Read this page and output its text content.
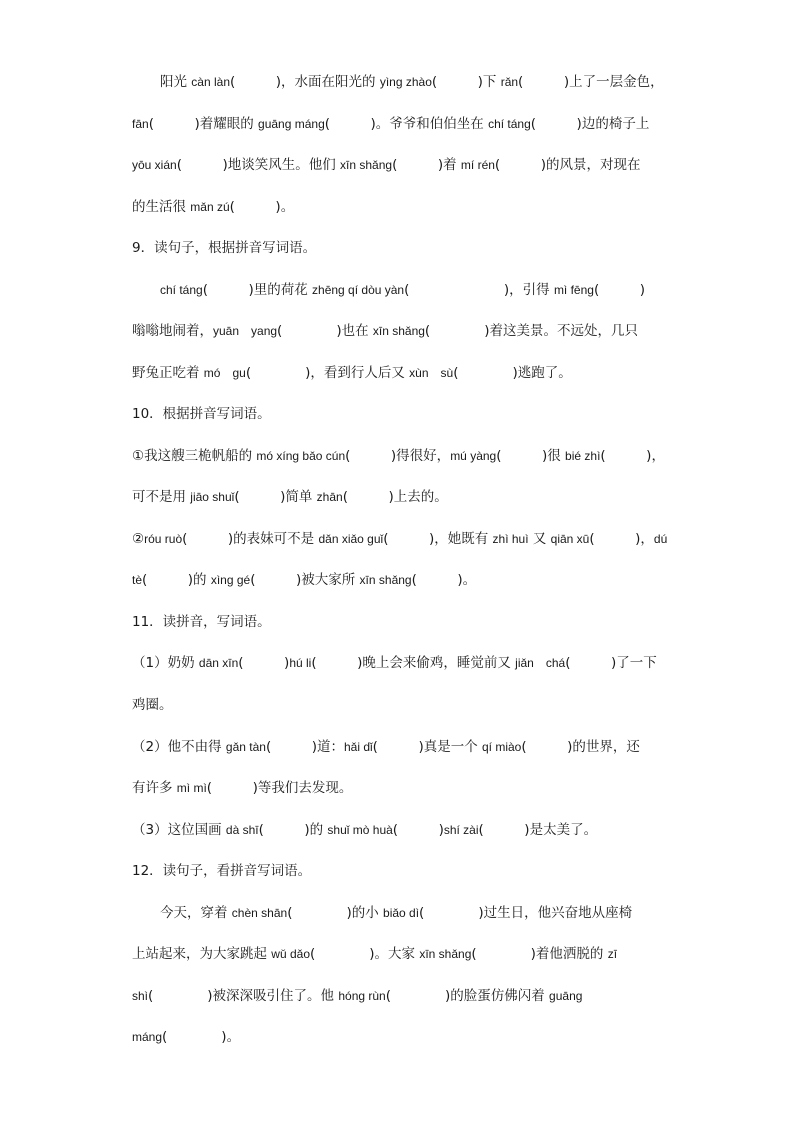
阳光 càn làn(　　　)，水面在阳光的 yìng zhào(　　　)下 rǎn(　　　)上了一层金色，
fān(　　　)着耀眼的 guāng máng(　　　)。爷爷和伯伯坐在 chí táng(　　　)边的椅子上
yōu xián(　　　)地谈笑风生。他们 xīn shǎng(　　　)着 mí rén(　　　)的风景，对现在
的生活很 mǎn zú(　　　)。
9．读句子，根据拼音写词语。
chí táng(　　　)里的荷花 zhēng qí dòu yàn(　　　　　　　)，引得 mì fēng(　　　)
嗡嗡地闹着，yuān　yang(　　　　)也在 xīn shǎng(　　　　)着这美景。不远处，几只
野兔正吃着 mó　gu(　　　　)，看到行人后又 xùn　sù(　　　　)逃跑了。
10．根据拼音写词语。
①我这艘三桅帆船的 mó xíng bǎo cún(　　　)得很好，mú yàng(　　　)很 bié zhì(　　　)，
可不是用 jiāo shuǐ(　　　)简单 zhān(　　　)上去的。
②róu ruò(　　　)的表妹可不是 dǎn xiǎo guǐ(　　　)，她既有 zhì huì 又 qiān xū(　　　)，dú
tè(　　　)的 xìng gé(　　　)被大家所 xīn shǎng(　　　)。
11．读拼音，写词语。
（1）奶奶 dān xīn(　　　)hú li(　　　)晚上会来偷鸡，睡觉前又 jiǎn　chá(　　　)了一下
鸡圈。
（2）他不由得 gǎn tàn(　　　)道：hǎi dǐ(　　　)真是一个 qí miào(　　　)的世界，还
有许多 mì mì(　　　)等我们去发现。
（3）这位国画 dà shī(　　　)的 shuǐ mò huà(　　　)shí zài(　　　)是太美了。
12．读句子，看拼音写词语。
今天，穿着 chèn shān(　　　　)的小 biǎo dì(　　　　)过生日，他兴奋地从座椅
上站起来，为大家跳起 wǔ dǎo(　　　　)。大家 xīn shǎng(　　　　)着他洒脱的 zī
shì(　　　　)被深深吸引住了。他 hóng rùn(　　　　)的脸蛋仿佛闪着 guāng
máng(　　　　)。
